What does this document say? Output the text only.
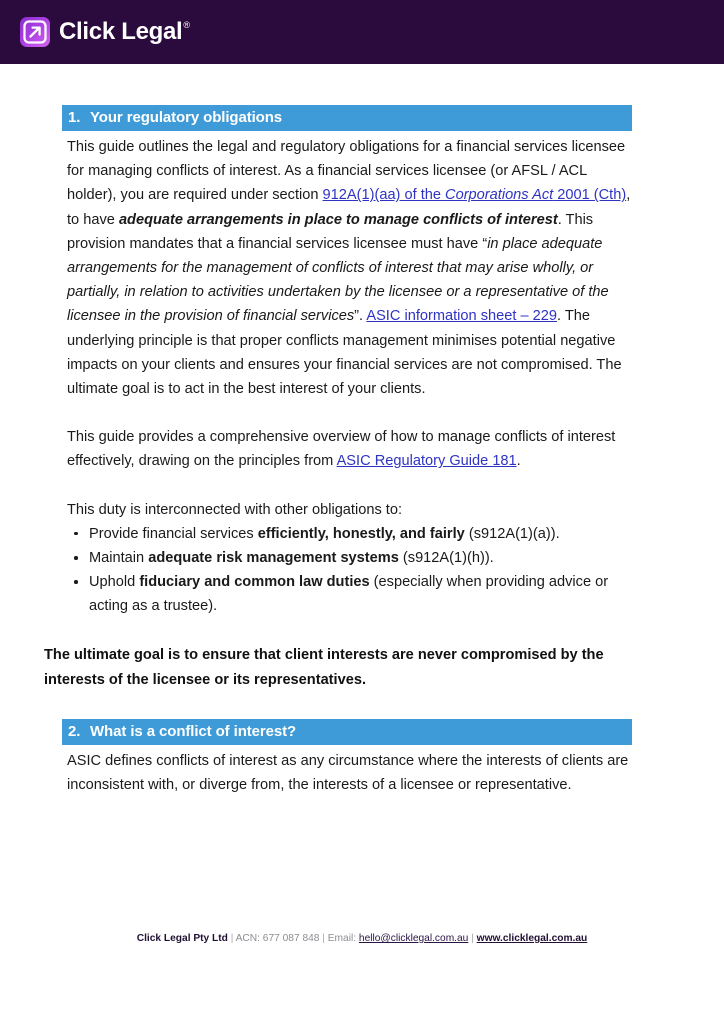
Click Legal ®
1. Your regulatory obligations

This guide outlines the legal and regulatory obligations for a financial services licensee for managing conflicts of interest. As a financial services licensee (or AFSL / ACL holder), you are required under section 912A(1)(aa) of the Corporations Act 2001 (Cth), to have adequate arrangements in place to manage conflicts of interest. This provision mandates that a financial services licensee must have “in place adequate arrangements for the management of conflicts of interest that may arise wholly, or partially, in relation to activities undertaken by the licensee or a representative of the licensee in the provision of financial services”. ASIC information sheet – 229. The underlying principle is that proper conflicts management minimises potential negative impacts on your clients and ensures your financial services are not compromised. The ultimate goal is to act in the best interest of your clients.

This guide provides a comprehensive overview of how to manage conflicts of interest effectively, drawing on the principles from ASIC Regulatory Guide 181.

This duty is interconnected with other obligations to:

Provide financial services efficiently, honestly, and fairly (s912A(1)(a)).
Maintain adequate risk management systems (s912A(1)(h)).
Uphold fiduciary and common law duties (especially when providing advice or acting as a trustee).

The ultimate goal is to ensure that client interests are never compromised by the interests of the licensee or its representatives.

2. What is a conflict of interest?

ASIC defines conflicts of interest as any circumstance where the interests of clients are inconsistent with, or diverge from, the interests of a licensee or representative.

Click Legal Pty Ltd | ACN: 677 087 848 | Email: hello@clicklegal.com.au | www.clicklegal.com.au
